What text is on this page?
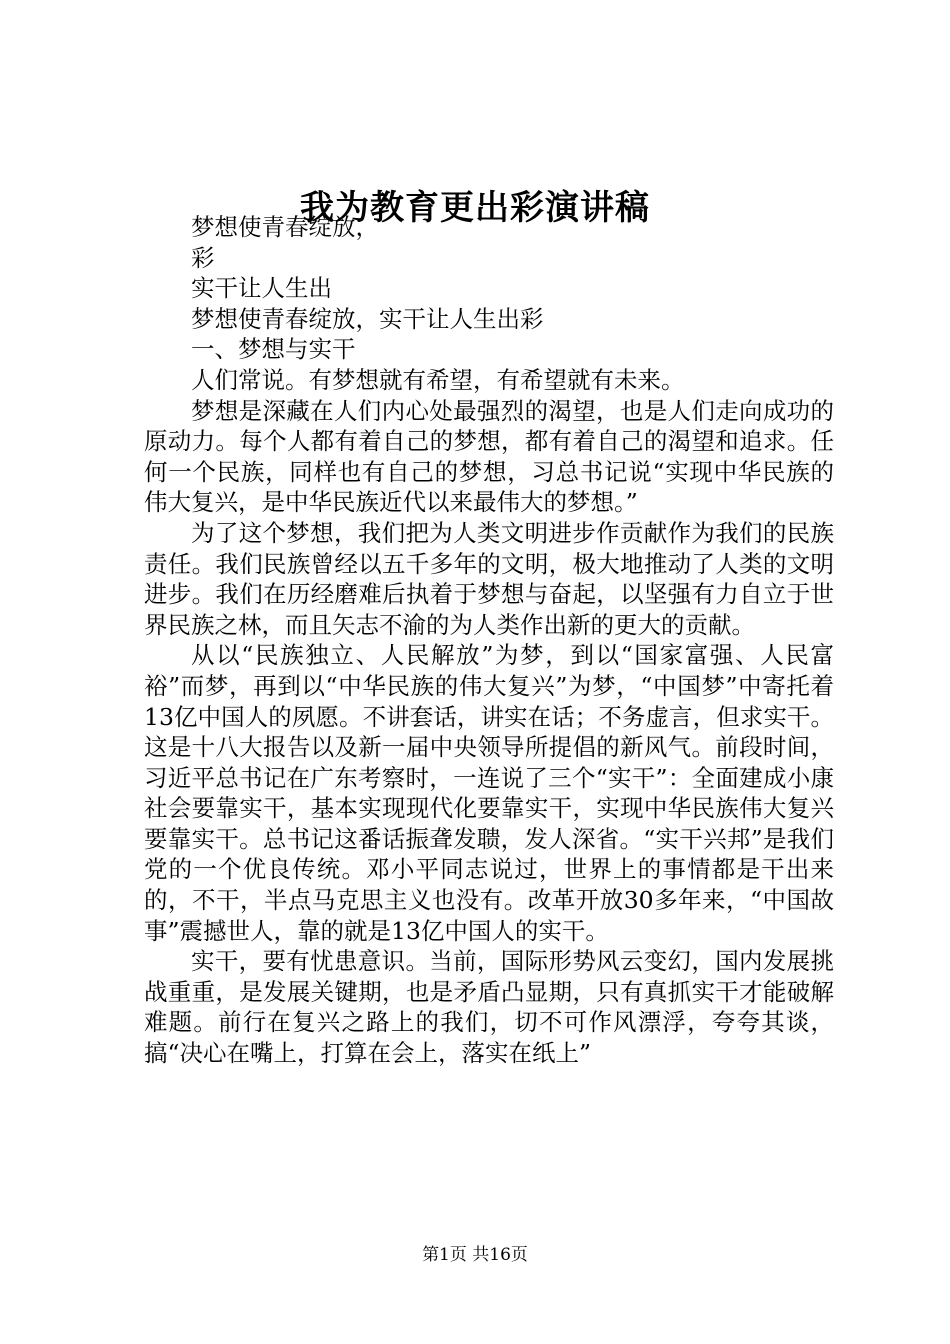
我为教育更出彩演讲稿

梦想使青春绽放，

彩

实干让人生出

梦想使青春绽放，实干让人生出彩

一、梦想与实干

人们常说。有梦想就有希望，有希望就有未来。

梦想是深藏在人们内心处最强烈的渴望，也是人们走向成功的原动力。每个人都有着自己的梦想，都有着自己的渴望和追求。任何一个民族，同样也有自己的梦想，习总书记说“实现中华民族的伟大复兴，是中华民族近代以来最伟大的梦想。”

为了这个梦想，我们把为人类文明进步作贡献作为我们的民族责任。我们民族曾经以五千多年的文明，极大地推动了人类的文明进步。我们在历经磨难后执着于梦想与奋起，以坚强有力自立于世界民族之林，而且矢志不渝的为人类作出新的更大的贡献。

从以“民族独立、人民解放”为梦，到以“国家富强、人民富裕”而梦，再到以“中华民族的伟大复兴”为梦，“中国梦”中寄托着13亿中国人的夙愿。不讲套话，讲实在话；不务虚言，但求实干。这是十八大报告以及新一届中央领导所提倡的新风气。前段时间，习近平总书记在广东考察时，一连说了三个“实干”：全面建成小康社会要靠实干，基本实现现代化要靠实干，实现中华民族伟大复兴要靠实干。总书记这番话振聋发聩，发人深省。“实干兴邦”是我们党的一个优良传统。邓小平同志说过，世界上的事情都是干出来的，不干，半点马克思主义也没有。改革开放30多年来，“中国故事”震撼世人，靠的就是13亿中国人的实干。

实干，要有忧患意识。当前，国际形势风云变幻，国内发展挑战重重，是发展关键期，也是矛盾凸显期，只有真抓实干才能破解难题。前行在复兴之路上的我们，切不可作风漂浮，夸夸其谈，搞“决心在嘴上，打算在会上，落实在纸上”

第1页 共16页
